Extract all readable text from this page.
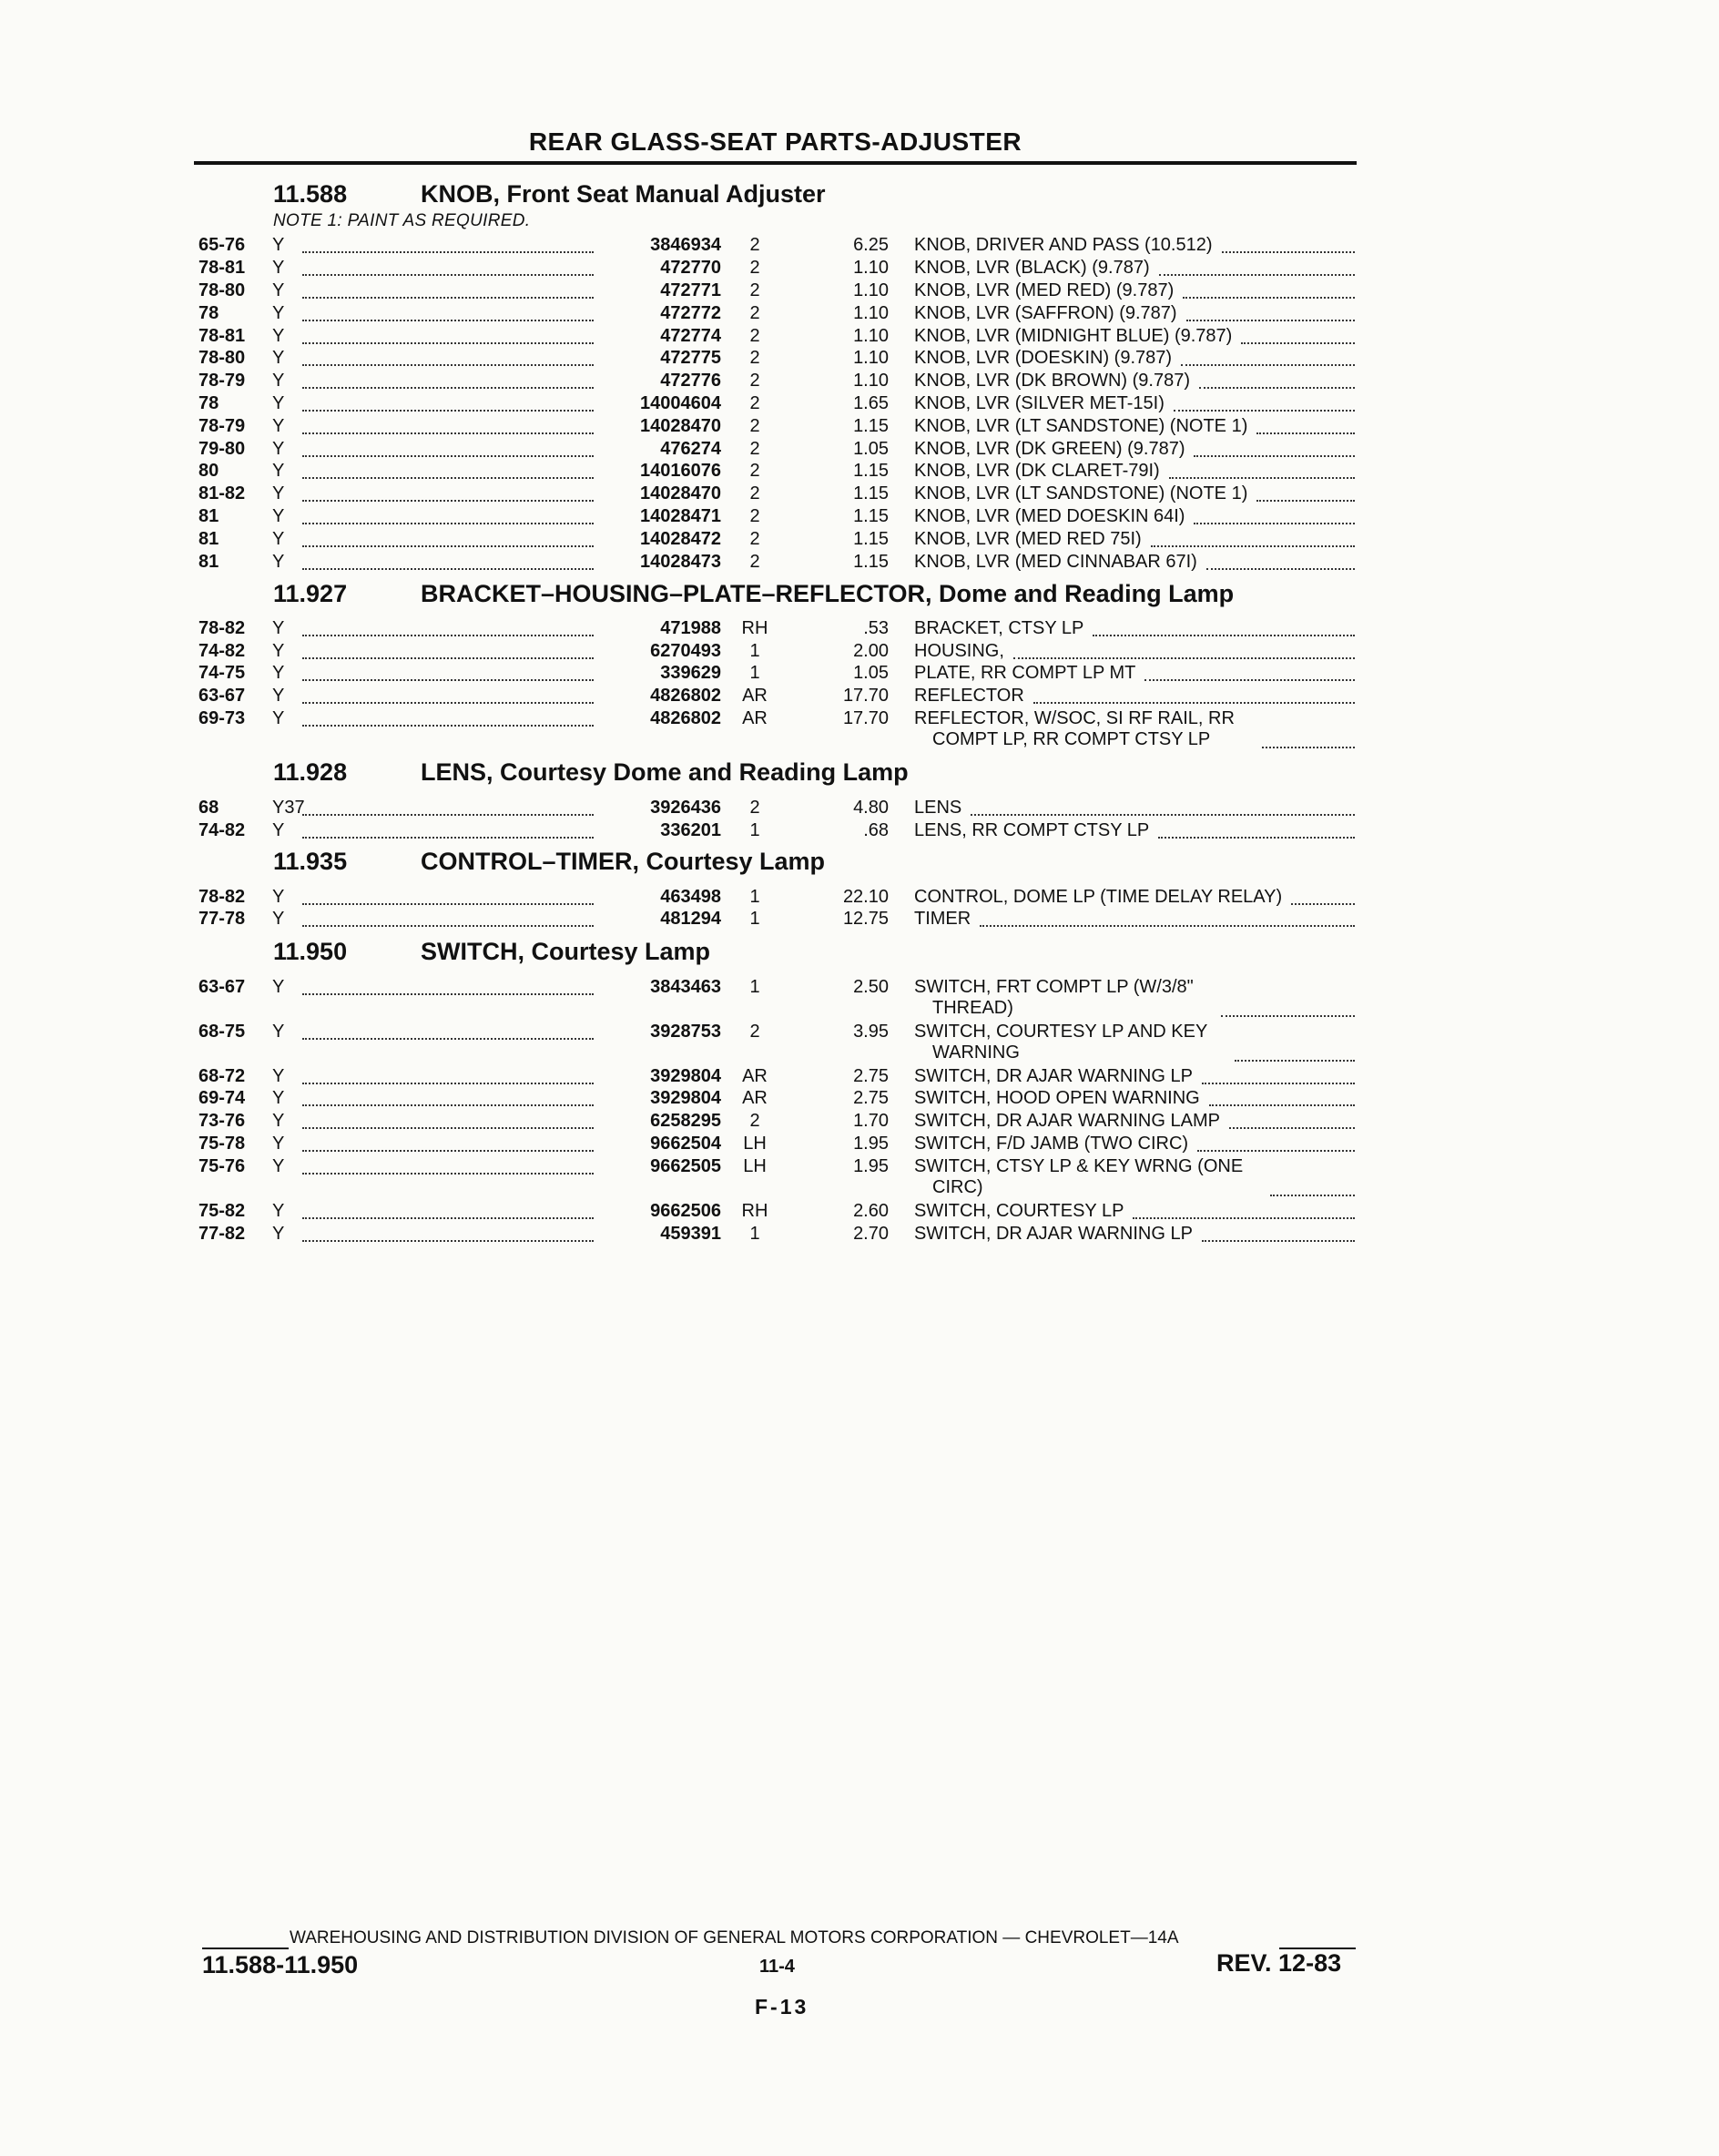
REAR GLASS-SEAT PARTS-ADJUSTER
11.588	KNOB, Front Seat Manual Adjuster
NOTE 1: PAINT AS REQUIRED.
65-76 Y	3846934	2	6.25 KNOB, DRIVER AND PASS (10.512)
78-81 Y	472770	2	1.10 KNOB, LVR (BLACK) (9.787)
78-80 Y	472771	2	1.10 KNOB, LVR (MED RED) (9.787)
78	Y	472772	2	1.10 KNOB, LVR (SAFFRON) (9.787)
78-81 Y	472774	2	1.10 KNOB, LVR (MIDNIGHT BLUE) (9.787)
78-80 Y	472775	2	1.10 KNOB, LVR (DOESKIN) (9.787)
78-79 Y	472776	2	1.10 KNOB, LVR (DK BROWN) (9.787)
78	Y	14004604	2	1.65 KNOB, LVR (SILVER MET-15I)
78-79 Y	14028470	2	1.15 KNOB, LVR (LT SANDSTONE) (NOTE 1)
79-80 Y	476274	2	1.05 KNOB, LVR (DK GREEN) (9.787)
80	Y	14016076	2	1.15 KNOB, LVR (DK CLARET-79I)
81-82 Y	14028470	2	1.15 KNOB, LVR (LT SANDSTONE) (NOTE 1)
81	Y	14028471	2	1.15 KNOB, LVR (MED DOESKIN 64I)
81	Y	14028472	2	1.15 KNOB, LVR (MED RED 75I)
81	Y	14028473	2	1.15 KNOB, LVR (MED CINNABAR 67I)
11.927	BRACKET–HOUSING–PLATE–REFLECTOR, Dome and Reading Lamp
78-82 Y	471988	RH	.53 BRACKET, CTSY LP
74-82 Y	6270493	1	2.00 HOUSING,
74-75 Y	339629	1	1.05 PLATE, RR COMPT LP MT
63-67 Y	4826802	AR	17.70 REFLECTOR
69-73 Y	4826802	AR	17.70 REFLECTOR, W/SOC, SI RF RAIL, RR
COMPT LP, RR COMPT CTSY LP
11.928	LENS, Courtesy Dome and Reading Lamp
68	Y37	3926436	2	4.80 LENS
74-82 Y	336201	1	.68 LENS, RR COMPT CTSY LP
11.935	CONTROL–TIMER, Courtesy Lamp
78-82 Y	463498	1	22.10 CONTROL, DOME LP (TIME DELAY RELAY)
77-78 Y	481294	1	12.75 TIMER
11.950	SWITCH, Courtesy Lamp
63-67 Y	3843463	1	2.50 SWITCH, FRT COMPT LP (W/3/8"
THREAD)
68-75 Y	3928753	2	3.95 SWITCH, COURTESY LP AND KEY
WARNING
68-72 Y	3929804	AR	2.75 SWITCH, DR AJAR WARNING LP
69-74 Y	3929804	AR	2.75 SWITCH, HOOD OPEN WARNING
73-76 Y	6258295	2	1.70 SWITCH, DR AJAR WARNING LAMP
75-78 Y	9662504	LH	1.95 SWITCH, F/D JAMB (TWO CIRC)
75-76 Y	9662505	LH	1.95 SWITCH, CTSY LP & KEY WRNG (ONE
CIRC)
75-82 Y	9662506	RH	2.60 SWITCH, COURTESY LP
77-82 Y	459391	1	2.70 SWITCH, DR AJAR WARNING LP
WAREHOUSING AND DISTRIBUTION DIVISION OF GENERAL MOTORS CORPORATION — CHEVROLET—14A
11.588-11.950	11-4	REV. 12-83
F-13
